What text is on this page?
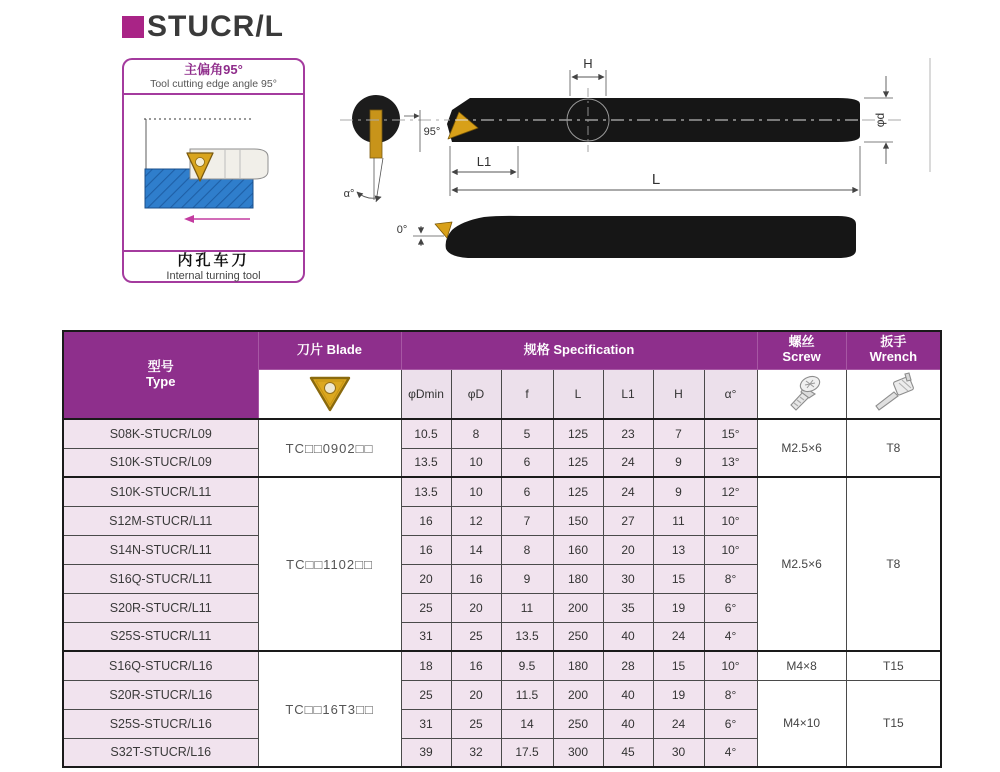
STUCR/L
主偏角95°
Tool cutting edge angle 95°
内孔车刀
Internal turning tool
α°
95°
H
φd
L1
L
0°
型号
Type	刀片 Blade	规格 Specification							螺丝
Screw	扳手
Wrench
	φDmin	φD	f	L	L1	H	α°		
S08K-STUCR/L09	TC□□0902□□	10.5	8	5	125	23	7	15°	M2.5×6	T8
S10K-STUCR/L09		13.5	10	6	125	24	9	13°		
S10K-STUCR/L11	TC□□1102□□	13.5	10	6	125	24	9	12°	M2.5×6	T8
S12M-STUCR/L11		16	12	7	150	27	11	10°		
S14N-STUCR/L11		16	14	8	160	20	13	10°		
S16Q-STUCR/L11		20	16	9	180	30	15	8°		
S20R-STUCR/L11		25	20	11	200	35	19	6°		
S25S-STUCR/L11		31	25	13.5	250	40	24	4°		
S16Q-STUCR/L16	TC□□16T3□□	18	16	9.5	180	28	15	10°	M4×8	T15
S20R-STUCR/L16		25	20	11.5	200	40	19	8°	M4×10	T15
S25S-STUCR/L16		31	25	14	250	40	24	6°		
S32T-STUCR/L16		39	32	17.5	300	45	30	4°		
